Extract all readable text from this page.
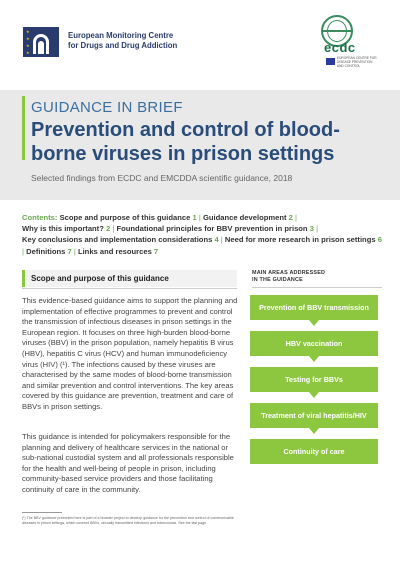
★
★
★
★
European Monitoring Centre
for Drugs and Drug Addiction	ecdc
EUROPEAN CENTRE FOR
DISEASE PREVENTION
AND CONTROL
GUIDANCE IN BRIEF
Prevention and control of blood-borne viruses in prison settings
Selected findings from ECDC and EMCDDA scientific guidance, 2018
Contents: Scope and purpose of this guidance 1 | Guidance development 2 |
Why is this important? 2 | Foundational principles for BBV prevention in prison 3 |
Key conclusions and implementation considerations 4 | Need for more research in prison settings 6 | Definitions 7 | Links and resources 7
Scope and purpose of this guidance
This evidence-based guidance aims to support the planning and implementation of effective programmes to prevent and control the transmission of infectious diseases in prison settings in the European region. It focuses on three high-burden blood-borne viruses (BBV) in the prison population, namely hepatitis B virus (HBV), hepatitis C virus (HCV) and human immunodeficiency virus (HIV) (¹). The infections caused by these viruses are characterised by the same modes of blood-borne transmission and similar prevention and control interventions. The key areas covered by this guidance are prevention, treatment and care of BBVs in prison settings.
This guidance is intended for policymakers responsible for the planning and delivery of healthcare services in the national or sub-national custodial system and all professionals responsible for the health and well-being of people in prison, including community-based service providers and those facilitating continuity of care in the community.
(¹) The BBV guidance presented here is part of a broader project to develop guidance for the prevention and control of communicable diseases in prison settings, which covered BBVs, sexually transmitted infections and tuberculosis. See the last page.
MAIN AREAS ADDRESSED
IN THE GUIDANCE
Prevention of BBV transmission
HBV vaccination
Testing for BBVs
Treatment of viral hepatitis/HIV
Continuity of care
